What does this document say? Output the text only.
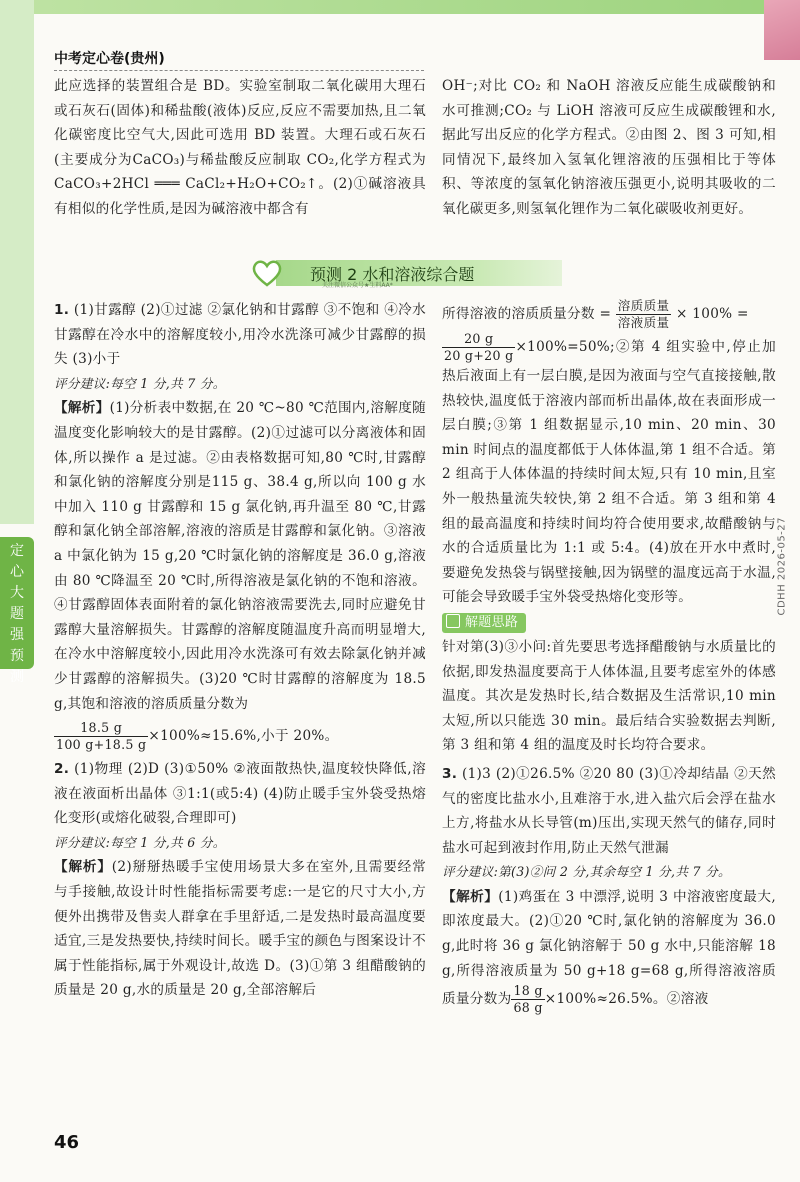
中考定心卷(贵州)

此应选择的装置组合是 BD。实验室制取二氧化碳用大理石或石灰石(固体)和稀盐酸(液体)反应,反应不需要加热,且二氧化碳密度比空气大,因此可选用 BD 装置。大理石或石灰石(主要成分为CaCO₃)与稀盐酸反应制取 CO₂,化学方程式为CaCO₃+2HCl ═══ CaCl₂+H₂O+CO₂↑。(2)①碱溶液具有相似的化学性质,是因为碱溶液中都含有

OH⁻;对比 CO₂ 和 NaOH 溶液反应能生成碳酸钠和水可推测;CO₂ 与 LiOH 溶液可反应生成碳酸锂和水,据此写出反应的化学方程式。②由图 2、图 3 可知,相同情况下,最终加入氢氧化锂溶液的压强相比于等体积、等浓度的氢氧化钠溶液压强更小,说明其吸收的二氧化碳更多,则氢氧化锂作为二氧化碳吸收剂更好。

预测 2 水和溶液综合题
关注微信公众号★生料AA*

1. (1)甘露醇 (2)①过滤 ②氯化钠和甘露醇 ③不饱和 ④冷水 甘露醇在冷水中的溶解度较小,用冷水洗涤可减少甘露醇的损失 (3)小于

评分建议:每空 1 分,共 7 分。

【解析】(1)分析表中数据,在 20 ℃~80 ℃范围内,溶解度随温度变化影响较大的是甘露醇。(2)①过滤可以分离液体和固体,所以操作 a 是过滤。②由表格数据可知,80 ℃时,甘露醇和氯化钠的溶解度分别是115 g、38.4 g,所以向 100 g 水中加入 110 g 甘露醇和 15 g 氯化钠,再升温至 80 ℃,甘露醇和氯化钠全部溶解,溶液的溶质是甘露醇和氯化钠。③溶液 a 中氯化钠为 15 g,20 ℃时氯化钠的溶解度是 36.0 g,溶液由 80 ℃降温至 20 ℃时,所得溶液是氯化钠的不饱和溶液。④甘露醇固体表面附着的氯化钠溶液需要洗去,同时应避免甘露醇大量溶解损失。甘露醇的溶解度随温度升高而明显增大,在冷水中溶解度较小,因此用冷水洗涤可有效去除氯化钠并减少甘露醇的溶解损失。(3)20 ℃时甘露醇的溶解度为 18.5 g,其饱和溶液的溶质质量分数为

$\frac{18.5 g}{100 g+18.5 g} \times 100\%\approx 15.6\%$,小于 20%。

2. (1)物理 (2)D (3)①50% ②液面散热快,温度较快降低,溶液在液面析出晶体 ③1:1(或5:4) (4)防止暖手宝外袋受热熔化变形(或熔化破裂,合理即可)

评分建议:每空 1 分,共 6 分。

【解析】(2)掰掰热暖手宝使用场景大多在室外,且需要经常与手接触,故设计时性能指标需要考虑:一是它的尺寸大小,方便外出携带及售卖人群拿在手里舒适,二是发热时最高温度要适宜,三是发热要快,持续时间长。暖手宝的颜色与图案设计不属于性能指标,属于外观设计,故选 D。(3)①第 3 组醋酸钠的质量是 20 g,水的质量是 20 g,全部溶解后

所得溶液的溶质质量分数 = $\frac{\text{溶质质量}}{\text{溶液质量}} \times 100\%$ =

$\frac{20 g}{20 g+20 g}$ ×100%=50%;②第 4 组实验中,停止加热后液面上有一层白膜,是因为液面与空气直接接触,散热较快,温度低于溶液内部而析出晶体,故在表面形成一层白膜;③第 1 组数据显示,10 min、20 min、30 min 时间点的温度都低于人体体温,第 1 组不合适。第 2 组高于人体体温的持续时间太短,只有 10 min,且室外一般热量流失较快,第 2 组不合适。第 3 组和第 4 组的最高温度和持续时间均符合使用要求,故醋酸钠与水的合适质量比为 1:1 或 5:4。(4)放在开水中煮时,要避免发热袋与锅壁接触,因为锅壁的温度远高于水温,可能会导致暖手宝外袋受热熔化变形等。

解题思路

针对第(3)③小问:首先要思考选择醋酸钠与水质量比的依据,即发热温度要高于人体体温,且要考虑室外的体感温度。其次是发热时长,结合数据及生活常识,10 min 太短,所以只能选 30 min。最后结合实验数据去判断,第 3 组和第 4 组的温度及时长均符合要求。

3. (1)3 (2)①26.5% ②20 80 (3)①冷却结晶 ②天然气的密度比盐水小,且难溶于水,进入盐穴后会浮在盐水上方,将盐水从长导管(m)压出,实现天然气的储存,同时盐水可起到液封作用,防止天然气泄漏

评分建议:第(3)②问 2 分,其余每空 1 分,共 7 分。

【解析】(1)鸡蛋在 3 中漂浮,说明 3 中溶液密度最大,即浓度最大。(2)①20 ℃时,氯化钠的溶解度为 36.0 g,此时将 36 g 氯化钠溶解于 50 g 水中,只能溶解 18 g,所得溶液质量为 50 g+18 g=68 g,所得溶液溶质质量分数为 $\frac{18 g}{68 g} \times 100\%\approx 26.5\%$。②溶液

定心大题强预测
CDHH 2026-05-27
46
